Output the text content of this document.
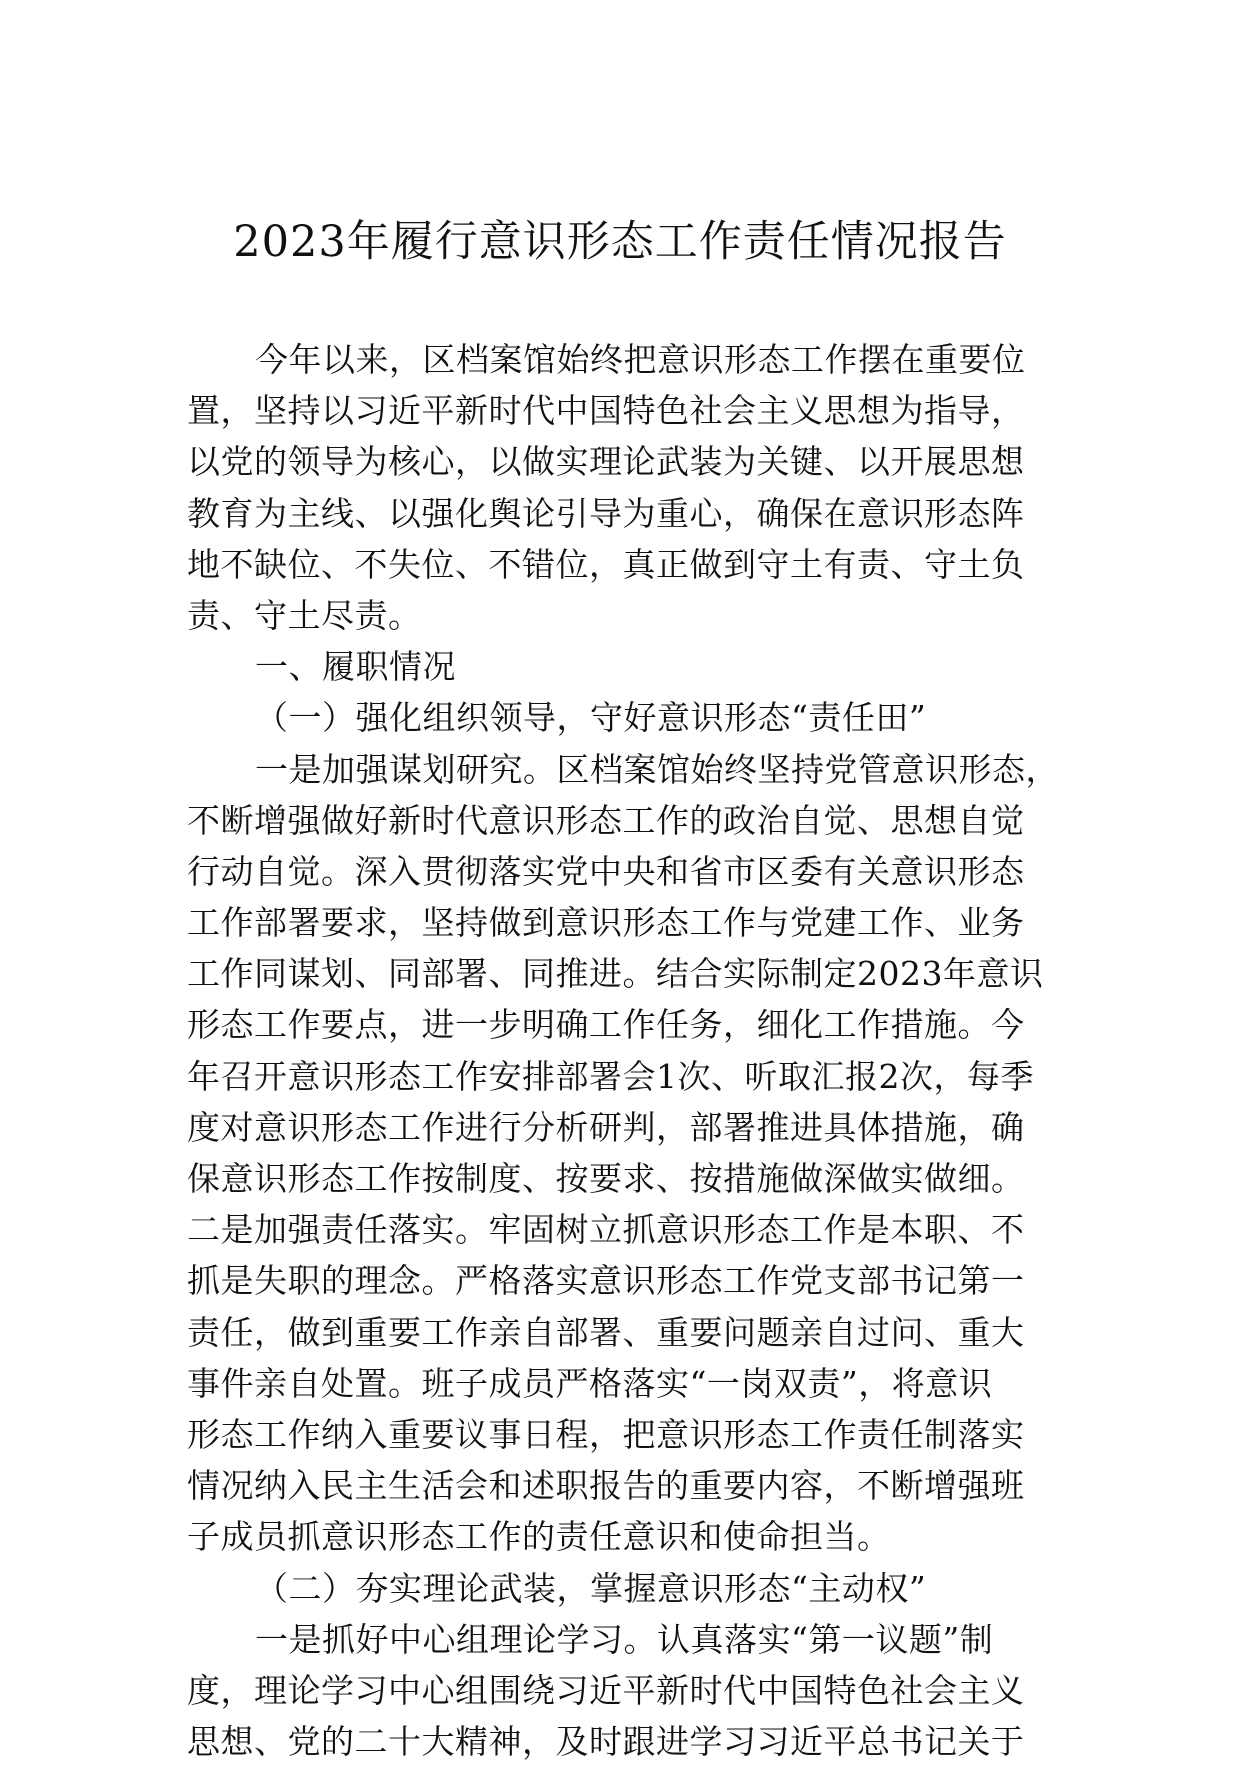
2023年履行意识形态工作责任情况报告
今年以来，区档案馆始终把意识形态工作摆在重要位
置，坚持以习近平新时代中国特色社会主义思想为指导，
以党的领导为核心，以做实理论武装为关键、以开展思想
教育为主线、以强化舆论引导为重心，确保在意识形态阵
地不缺位、不失位、不错位，真正做到守土有责、守土负
责、守土尽责。
一、履职情况
（一）强化组织领导，守好意识形态“责任田”
一是加强谋划研究。区档案馆始终坚持党管意识形态，
不断增强做好新时代意识形态工作的政治自觉、思想自觉
行动自觉。深入贯彻落实党中央和省市区委有关意识形态
工作部署要求，坚持做到意识形态工作与党建工作、业务
工作同谋划、同部署、同推进。结合实际制定2023年意识
形态工作要点，进一步明确工作任务，细化工作措施。今
年召开意识形态工作安排部署会1次、听取汇报2次，每季
度对意识形态工作进行分析研判，部署推进具体措施，确
保意识形态工作按制度、按要求、按措施做深做实做细。
二是加强责任落实。牢固树立抓意识形态工作是本职、不
抓是失职的理念。严格落实意识形态工作党支部书记第一
责任，做到重要工作亲自部署、重要问题亲自过问、重大
事件亲自处置。班子成员严格落实“一岗双责”，将意识
形态工作纳入重要议事日程，把意识形态工作责任制落实
情况纳入民主生活会和述职报告的重要内容，不断增强班
子成员抓意识形态工作的责任意识和使命担当。
（二）夯实理论武装，掌握意识形态“主动权”
一是抓好中心组理论学习。认真落实“第一议题”制
度，理论学习中心组围绕习近平新时代中国特色社会主义
思想、党的二十大精神，及时跟进学习习近平总书记关于
